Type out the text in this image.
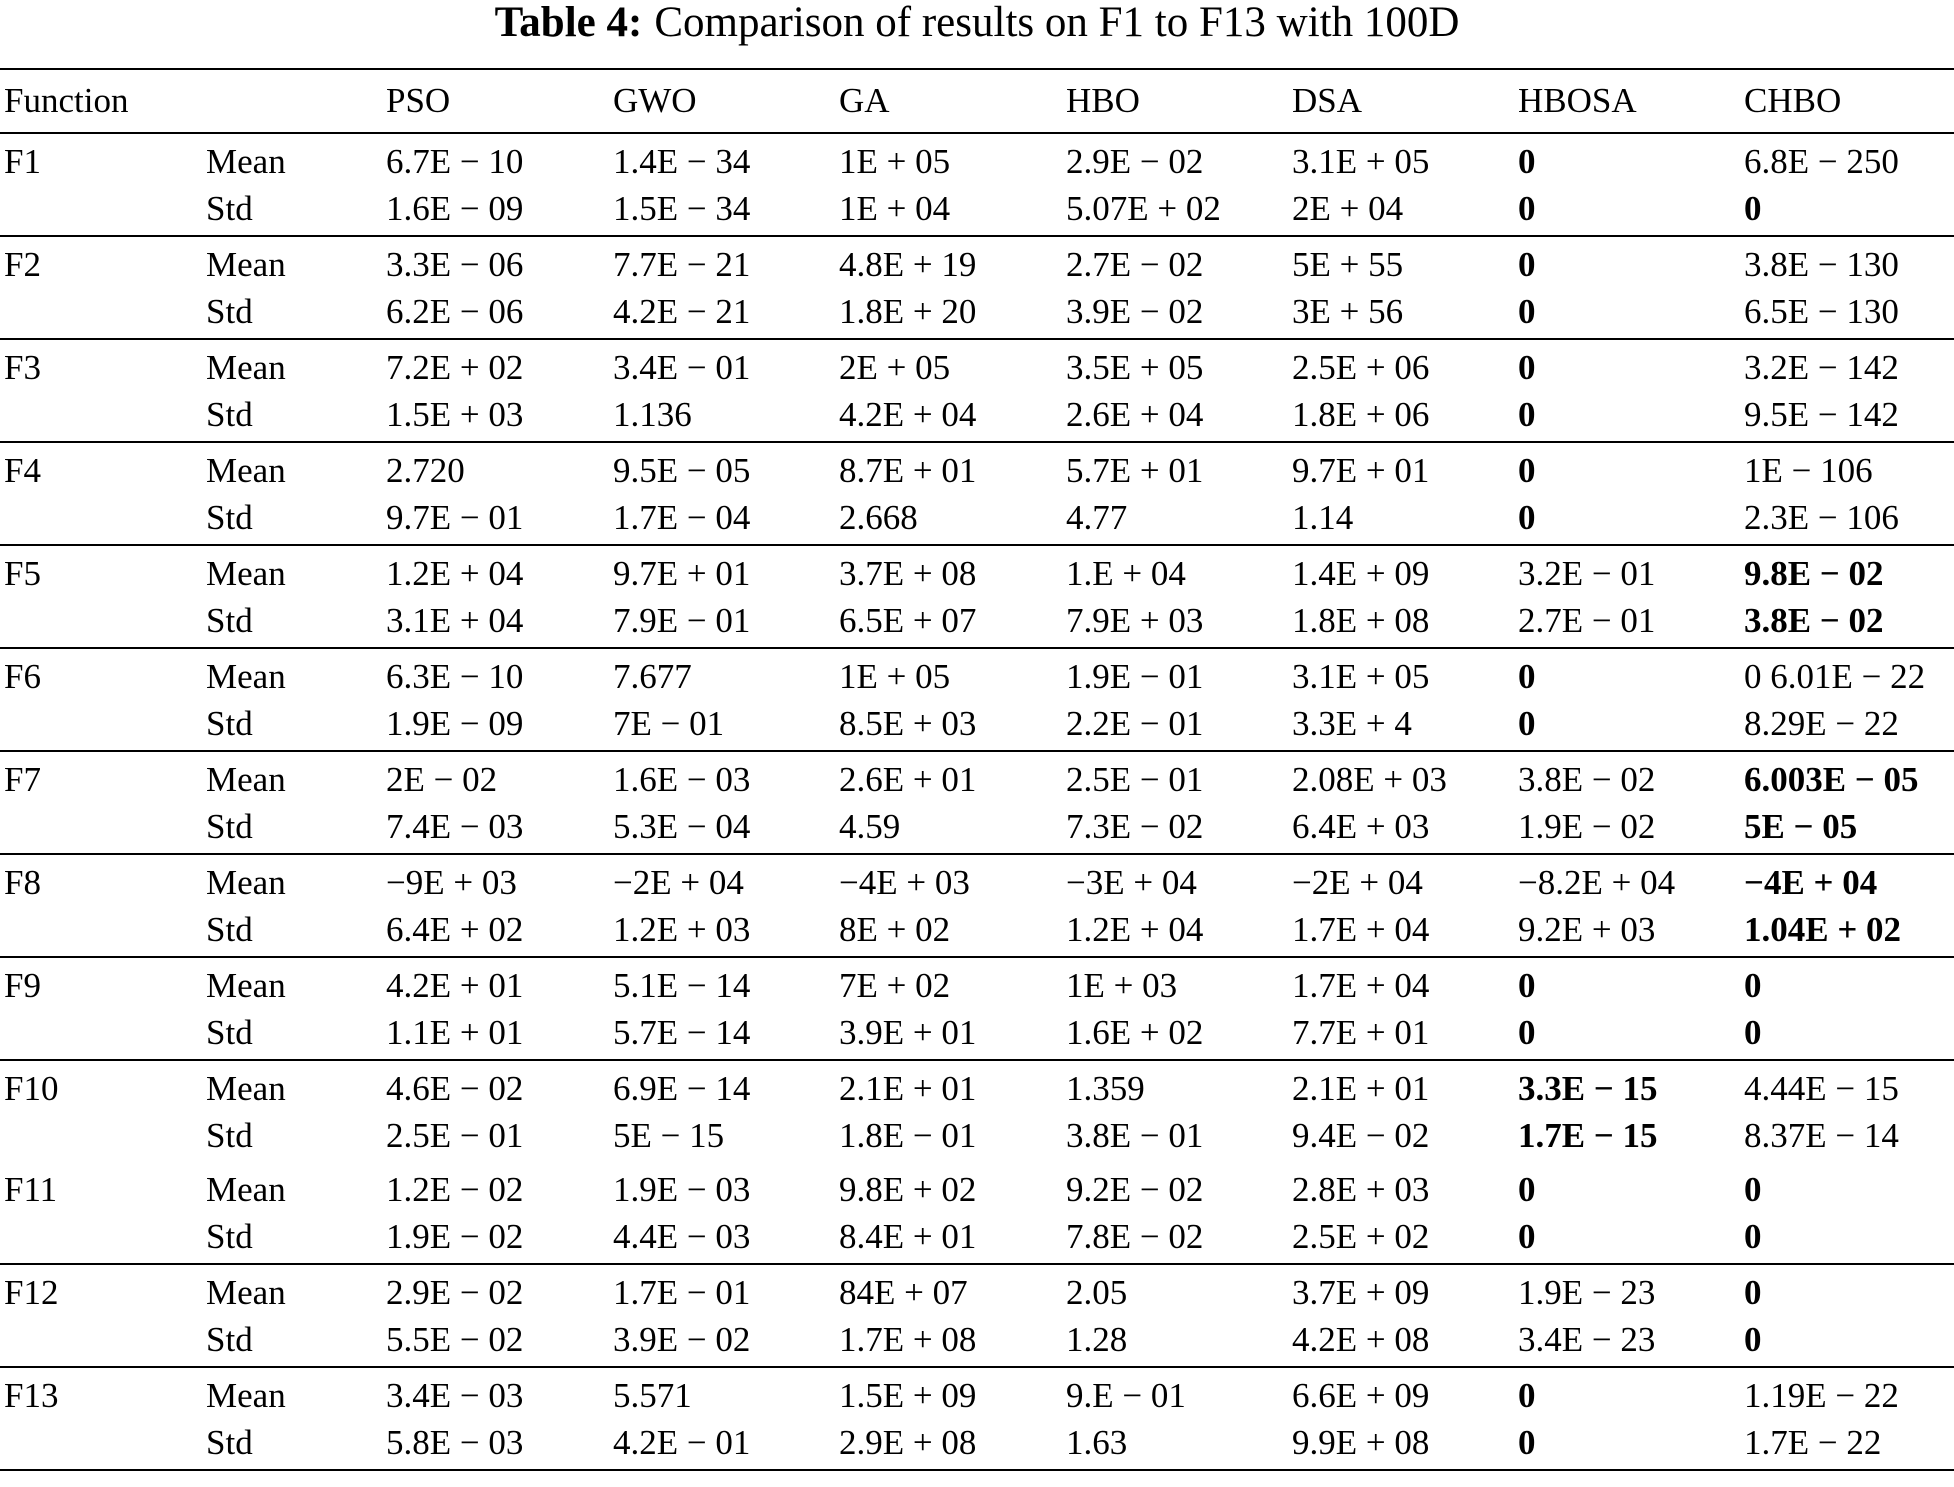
Table 4: Comparison of results on F1 to F13 with 100D
Function		PSO	GWO	GA	HBO	DSA	HBOSA	CHBO
F1	Mean	6.7E − 10	1.4E − 34	1E + 05	2.9E − 02	3.1E + 05	0	6.8E − 250
	Std	1.6E − 09	1.5E − 34	1E + 04	5.07E + 02	2E + 04	0	0
F2	Mean	3.3E − 06	7.7E − 21	4.8E + 19	2.7E − 02	5E + 55	0	3.8E − 130
	Std	6.2E − 06	4.2E − 21	1.8E + 20	3.9E − 02	3E + 56	0	6.5E − 130
F3	Mean	7.2E + 02	3.4E − 01	2E + 05	3.5E + 05	2.5E + 06	0	3.2E − 142
	Std	1.5E + 03	1.136	4.2E + 04	2.6E + 04	1.8E + 06	0	9.5E − 142
F4	Mean	2.720	9.5E − 05	8.7E + 01	5.7E + 01	9.7E + 01	0	1E − 106
	Std	9.7E − 01	1.7E − 04	2.668	4.77	1.14	0	2.3E − 106
F5	Mean	1.2E + 04	9.7E + 01	3.7E + 08	1.E + 04	1.4E + 09	3.2E − 01	9.8E − 02
	Std	3.1E + 04	7.9E − 01	6.5E + 07	7.9E + 03	1.8E + 08	2.7E − 01	3.8E − 02
F6	Mean	6.3E − 10	7.677	1E + 05	1.9E − 01	3.1E + 05	0	0 6.01E − 22
	Std	1.9E − 09	7E − 01	8.5E + 03	2.2E − 01	3.3E + 4	0	8.29E − 22
F7	Mean	2E − 02	1.6E − 03	2.6E + 01	2.5E − 01	2.08E + 03	3.8E − 02	6.003E − 05
	Std	7.4E − 03	5.3E − 04	4.59	7.3E − 02	6.4E + 03	1.9E − 02	5E − 05
F8	Mean	−9E + 03	−2E + 04	−4E + 03	−3E + 04	−2E + 04	−8.2E + 04	−4E + 04
	Std	6.4E + 02	1.2E + 03	8E + 02	1.2E + 04	1.7E + 04	9.2E + 03	1.04E + 02
F9	Mean	4.2E + 01	5.1E − 14	7E + 02	1E + 03	1.7E + 04	0	0
	Std	1.1E + 01	5.7E − 14	3.9E + 01	1.6E + 02	7.7E + 01	0	0
F10	Mean	4.6E − 02	6.9E − 14	2.1E + 01	1.359	2.1E + 01	3.3E − 15	4.44E − 15
	Std	2.5E − 01	5E − 15	1.8E − 01	3.8E − 01	9.4E − 02	1.7E − 15	8.37E − 14
F11	Mean	1.2E − 02	1.9E − 03	9.8E + 02	9.2E − 02	2.8E + 03	0	0
	Std	1.9E − 02	4.4E − 03	8.4E + 01	7.8E − 02	2.5E + 02	0	0
F12	Mean	2.9E − 02	1.7E − 01	84E + 07	2.05	3.7E + 09	1.9E − 23	0
	Std	5.5E − 02	3.9E − 02	1.7E + 08	1.28	4.2E + 08	3.4E − 23	0
F13	Mean	3.4E − 03	5.571	1.5E + 09	9.E − 01	6.6E + 09	0	1.19E − 22
	Std	5.8E − 03	4.2E − 01	2.9E + 08	1.63	9.9E + 08	0	1.7E − 22
